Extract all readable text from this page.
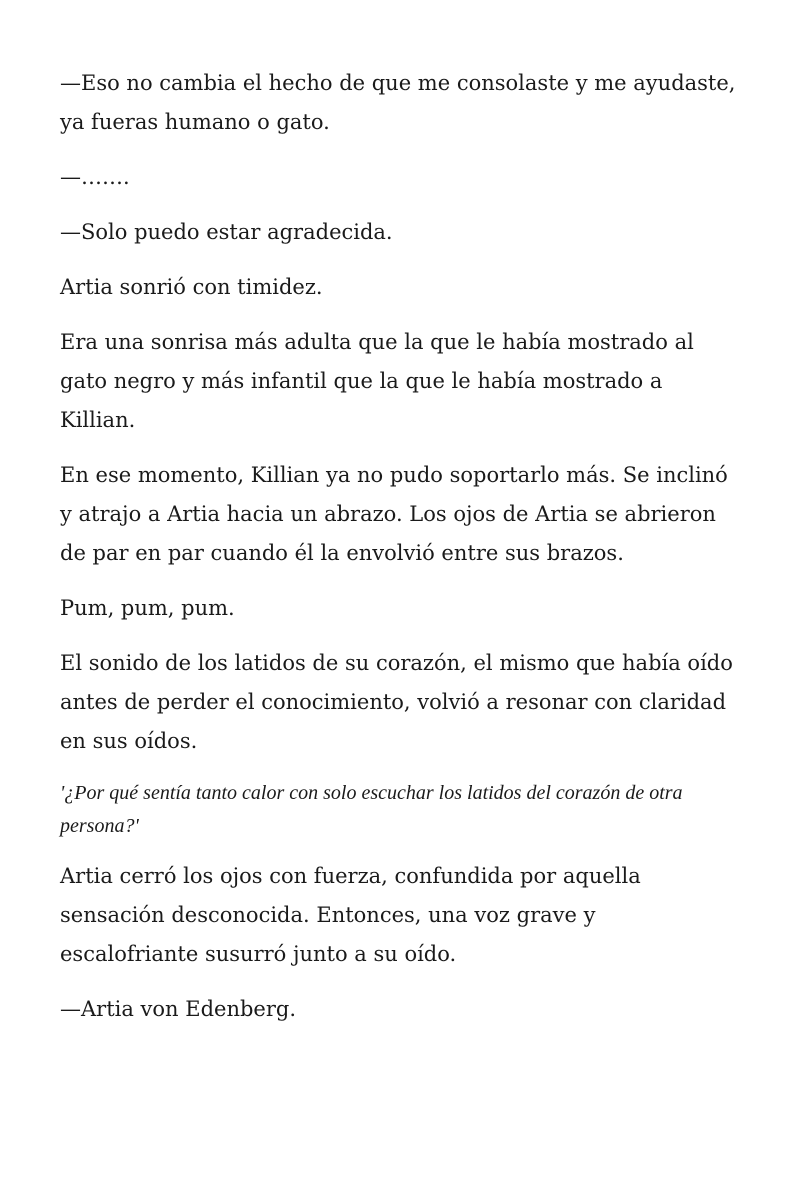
—Eso no cambia el hecho de que me consolaste y me ayudaste, ya fueras humano o gato.

—…….

—Solo puedo estar agradecida.

Artia sonrió con timidez.

Era una sonrisa más adulta que la que le había mostrado al gato negro y más infantil que la que le había mostrado a Killian.

En ese momento, Killian ya no pudo soportarlo más. Se inclinó y atrajo a Artia hacia un abrazo. Los ojos de Artia se abrieron de par en par cuando él la envolvió entre sus brazos.

Pum, pum, pum.

El sonido de los latidos de su corazón, el mismo que había oído antes de perder el conocimiento, volvió a resonar con claridad en sus oídos.

'¿Por qué sentía tanto calor con solo escuchar los latidos del corazón de otra persona?'

Artia cerró los ojos con fuerza, confundida por aquella sensación desconocida. Entonces, una voz grave y escalofriante susurró junto a su oído.

—Artia von Edenberg.
